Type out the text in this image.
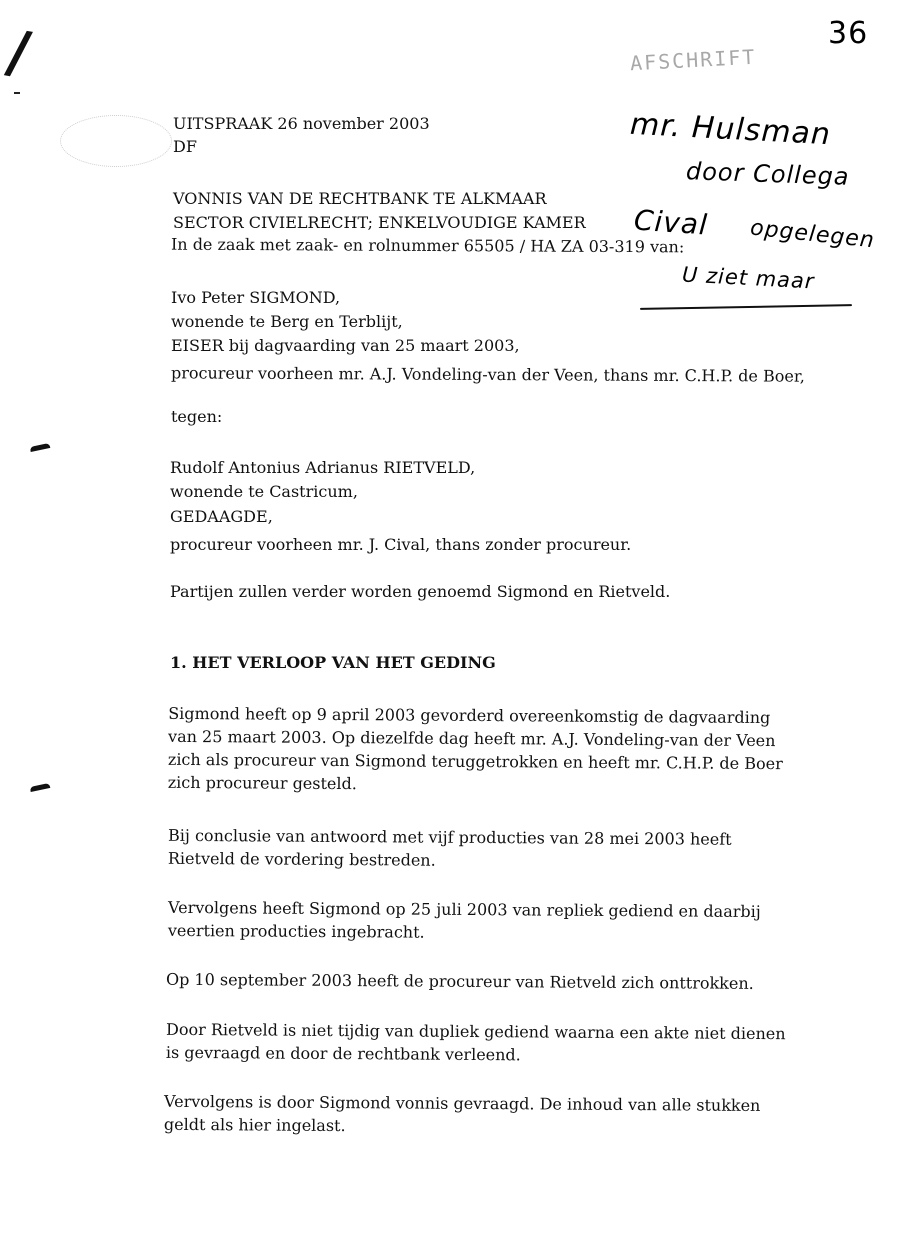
/	AFSCHRIFT
36
mr. Hulsman
door Collega
Cival opgelegen
U ziet maar
UITSPRAAK 26 november 2003
DF
VONNIS VAN DE RECHTBANK TE ALKMAAR
SECTOR CIVIELRECHT; ENKELVOUDIGE KAMER
In de zaak met zaak- en rolnummer 65505 / HA ZA 03-319 van:
Ivo Peter SIGMOND,
wonende te Berg en Terblijt,
EISER bij dagvaarding van 25 maart 2003,
procureur voorheen mr. A.J. Vondeling-van der Veen, thans mr. C.H.P. de Boer,
tegen:
Rudolf Antonius Adrianus RIETVELD,
wonende te Castricum,
GEDAAGDE,
procureur voorheen mr. J. Cival, thans zonder procureur.
Partijen zullen verder worden genoemd Sigmond en Rietveld.
1. HET VERLOOP VAN HET GEDING
Sigmond heeft op 9 april 2003 gevorderd overeenkomstig de dagvaarding van 25 maart 2003. Op diezelfde dag heeft mr. A.J. Vondeling-van der Veen zich als procureur van Sigmond teruggetrokken en heeft mr. C.H.P. de Boer zich procureur gesteld.
Bij conclusie van antwoord met vijf producties van 28 mei 2003 heeft Rietveld de vordering bestreden.
Vervolgens heeft Sigmond op 25 juli 2003 van repliek gediend en daarbij veertien producties ingebracht.
Op 10 september 2003 heeft de procureur van Rietveld zich onttrokken.
Door Rietveld is niet tijdig van dupliek gediend waarna een akte niet dienen is gevraagd en door de rechtbank verleend.
Vervolgens is door Sigmond vonnis gevraagd. De inhoud van alle stukken geldt als hier ingelast.
